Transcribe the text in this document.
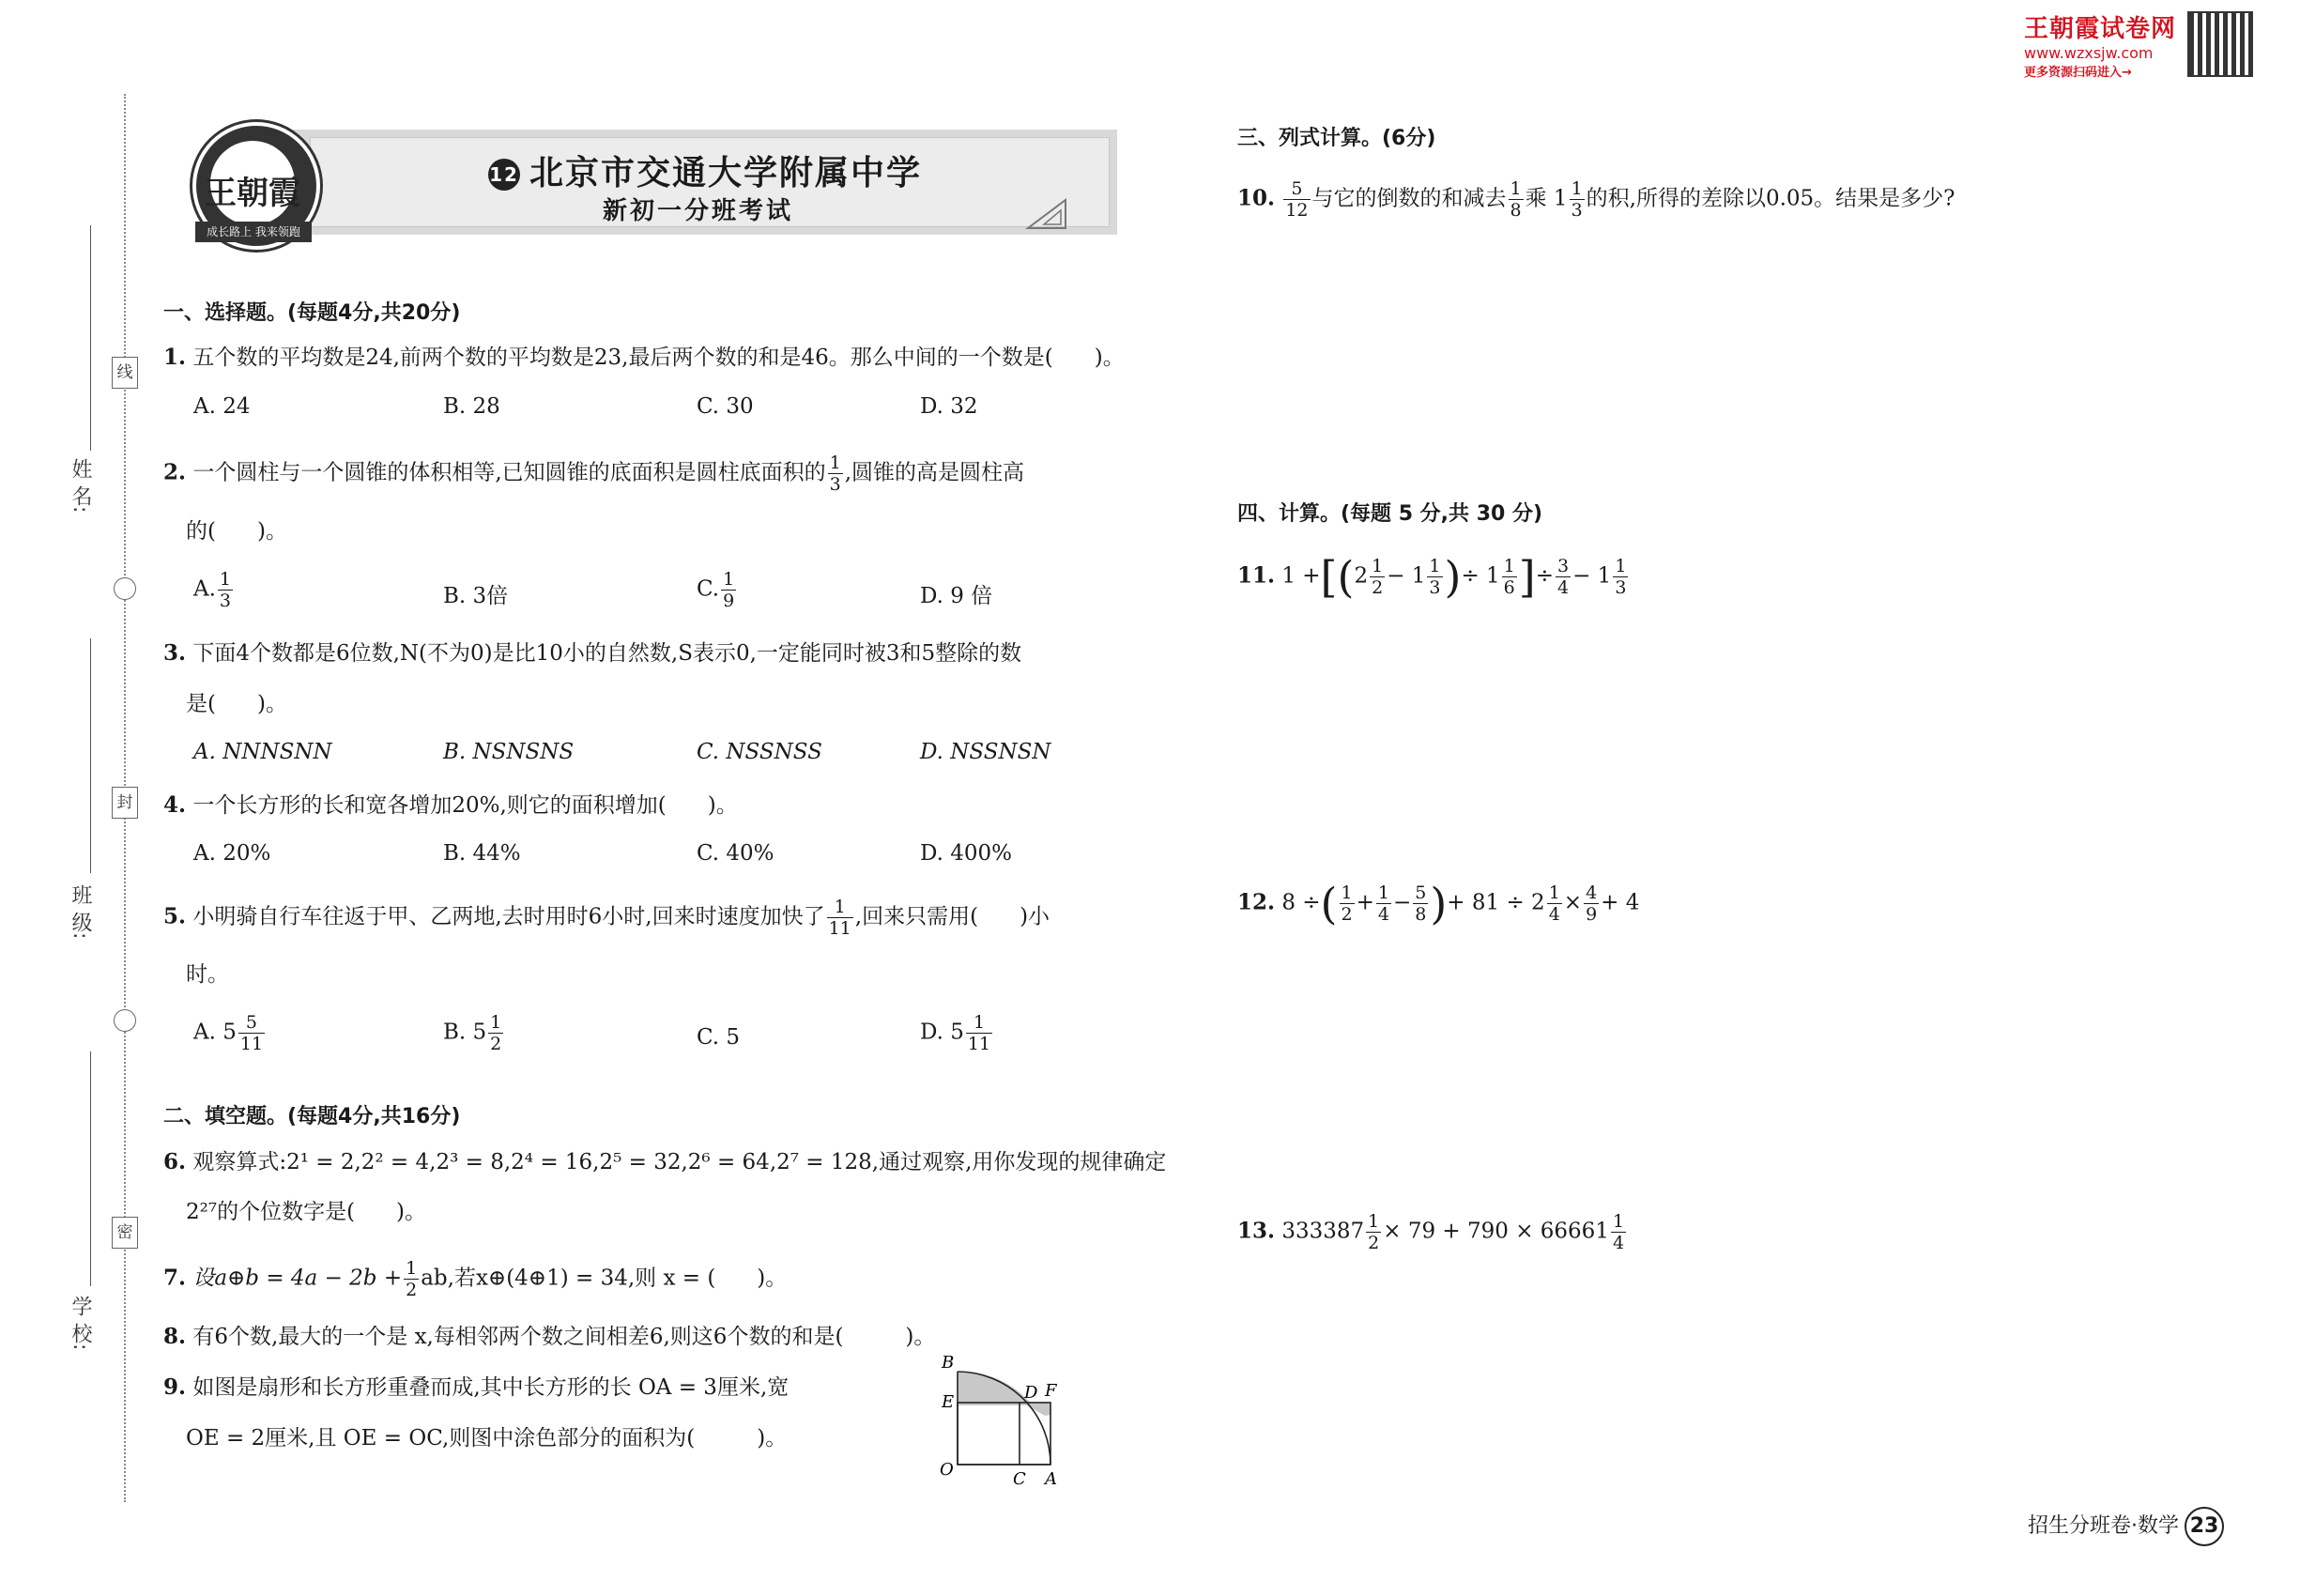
王朝霞试卷网
www.wzxsjw.com
更多资源扫码进入→
线
封
密
姓 名:
班 级:
学 校:
王朝霞
成长路上 我来领跑
12 北京市交通大学附属中学
新初一分班考试
一、选择题。(每题4分,共20分)
1. 五个数的平均数是24,前两个数的平均数是23,最后两个数的和是46。那么中间的一个数是( )。
A. 24	B. 28	C. 30	D. 32
2. 一个圆柱与一个圆锥的体积相等,已知圆锥的底面积是圆柱底面积的 $\frac{1}{3}$ ,圆锥的高是圆柱高
的( )。
A. $\frac{1}{3}$	B. 3倍	C. $\frac{1}{9}$	D. 9 倍
3. 下面4个数都是6位数,N(不为0)是比10小的自然数,S表示0,一定能同时被3和5整除的数
是( )。
A. NNNSNN	B. NSNSNS	C. NSSNSS	D. NSSNSN
4. 一个长方形的长和宽各增加20%,则它的面积增加( )。
A. 20%	B. 44%	C. 40%	D. 400%
5. 小明骑自行车往返于甲、乙两地,去时用时6小时,回来时速度加快了 $\frac{1}{11}$ ,回来只需用( )小
时。
A. $5 \frac{5}{11}$	B. $5 \frac{1}{2}$	C. 5	D. $5 \frac{1}{11}$
二、填空题。(每题4分,共16分)
6. 观察算式:2¹ = 2,2² = 4,2³ = 8,2⁴ = 16,2⁵ = 32,2⁶ = 64,2⁷ = 128,通过观察,用你发现的规律确定
2²⁷的个位数字是( )。
7. 设a⊕b = $4a - 2b + \frac{1}{2}$ ab,若x⊕(4⊕1) = 34,则 x = ( )。
8. 有6个数,最大的一个是 x,每相邻两个数之间相差6,则这6个数的和是(	)。
9. 如图是扇形和长方形重叠而成,其中长方形的长 OA = 3厘米,宽
OE = 2厘米,且 OE = OC,则图中涂色部分的面积为(	)。
B
E	D F
O	C A
三、列式计算。(6分)
10. $\frac{5}{12}$ 与它的倒数的和减去 $\frac{1}{8}$ 乘 $1 \frac{1}{3}$ 的积,所得的差除以0.05。结果是多少?
四、计算。(每题 5 分,共 30 分)
11. $1 +[(2 \frac{1}{2} - 1 \frac{1}{3}$ )÷ $1 \frac{1}{6}$ ]÷ $\frac{3}{4} - 1 \frac{1}{3}$
12. 8 ÷( $\frac{1}{2} + \frac{1}{4} - \frac{5}{8}$ )+ $81 \div 2 \frac{1}{4} \times \frac{4}{9} + 4$
13. $333387 \frac{1}{2} \times 79 + 790 \times 66661 \frac{1}{4}$
招生分班卷·数学 23
